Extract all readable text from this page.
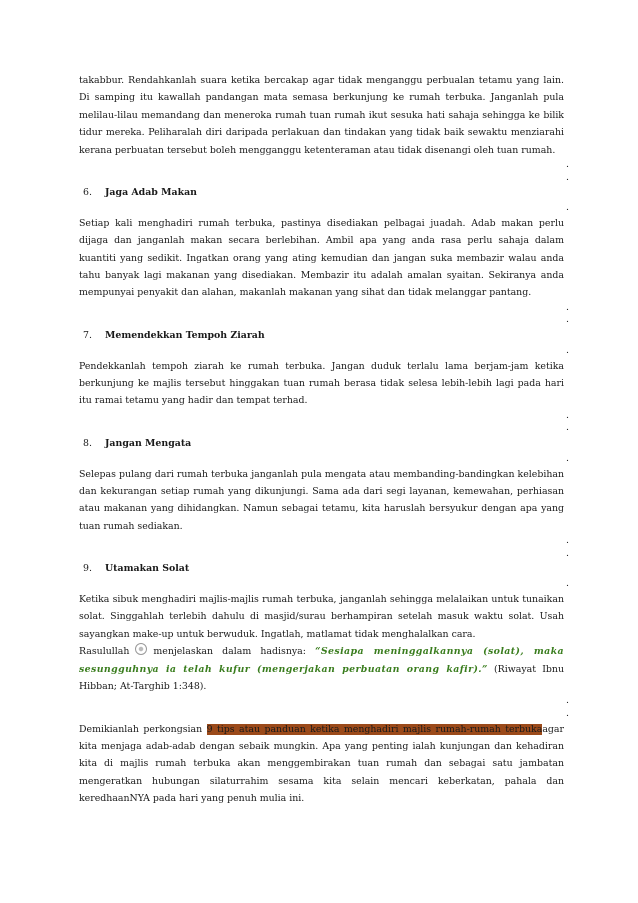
takabbur. Rendahkanlah suara ketika bercakap agar tidak menganggu perbualan tetamu yang lain. Di samping itu kawallah pandangan mata semasa berkunjung ke rumah terbuka. Janganlah pula melilau-lilau memandang dan meneroka rumah tuan rumah ikut sesuka hati sahaja sehingga ke bilik tidur mereka. Peliharalah diri daripada perlakuan dan tindakan yang tidak baik sewaktu menziarahi kerana perbuatan tersebut boleh mengganggu ketenteraman atau tidak disenangi oleh tuan rumah.

.
.
6.	Jaga Adab Makan
.

Setiap kali menghadiri rumah terbuka, pastinya disediakan pelbagai juadah. Adab makan perlu dijaga dan janganlah makan secara berlebihan. Ambil apa yang anda rasa perlu sahaja dalam kuantiti yang sedikit. Ingatkan orang yang ating kemudian dan jangan suka membazir walau anda tahu banyak lagi makanan yang disediakan. Membazir itu adalah amalan syaitan. Sekiranya anda mempunyai penyakit dan alahan, makanlah makanan yang sihat dan tidak melanggar pantang.

.
.
7.	Memendekkan Tempoh Ziarah
.

Pendekkanlah tempoh ziarah ke rumah terbuka. Jangan duduk terlalu lama berjam-jam ketika berkunjung ke majlis tersebut hinggakan tuan rumah berasa tidak selesa lebih-lebih lagi pada hari itu ramai tetamu yang hadir dan tempat terhad.

.
.
8.	Jangan Mengata
.

Selepas pulang dari rumah terbuka janganlah pula mengata atau membanding-bandingkan kelebihan dan kekurangan setiap rumah yang dikunjungi. Sama ada dari segi layanan, kemewahan, perhiasan atau makanan yang dihidangkan. Namun sebagai tetamu, kita haruslah bersyukur dengan apa yang tuan rumah sediakan.

.
.
9.	Utamakan Solat
.

Ketika sibuk menghadiri majlis-majlis rumah terbuka, janganlah sehingga melalaikan untuk tunaikan solat. Singgahlah terlebih dahulu di masjid/surau berhampiran setelah masuk waktu solat. Usah sayangkan make-up untuk berwuduk. Ingatlah, matlamat tidak menghalalkan cara.

Rasulullah	menjelaskan dalam hadisnya: “Sesiapa meninggalkannya (solat), maka sesungguhnya ia telah kufur (mengerjakan perbuatan orang kafir).” (Riwayat Ibnu Hibban; At-Targhib 1:348).

.
.

Demikianlah perkongsian 9 tips atau panduan ketika menghadiri majlis rumah-rumah terbukaagar kita menjaga adab-adab dengan sebaik mungkin. Apa yang penting ialah kunjungan dan kehadiran kita di majlis rumah terbuka akan menggembirakan tuan rumah dan sebagai satu jambatan mengeratkan hubungan silaturrahim sesama kita selain mencari keberkatan, pahala dan keredhaanNYA pada hari yang penuh mulia ini.
